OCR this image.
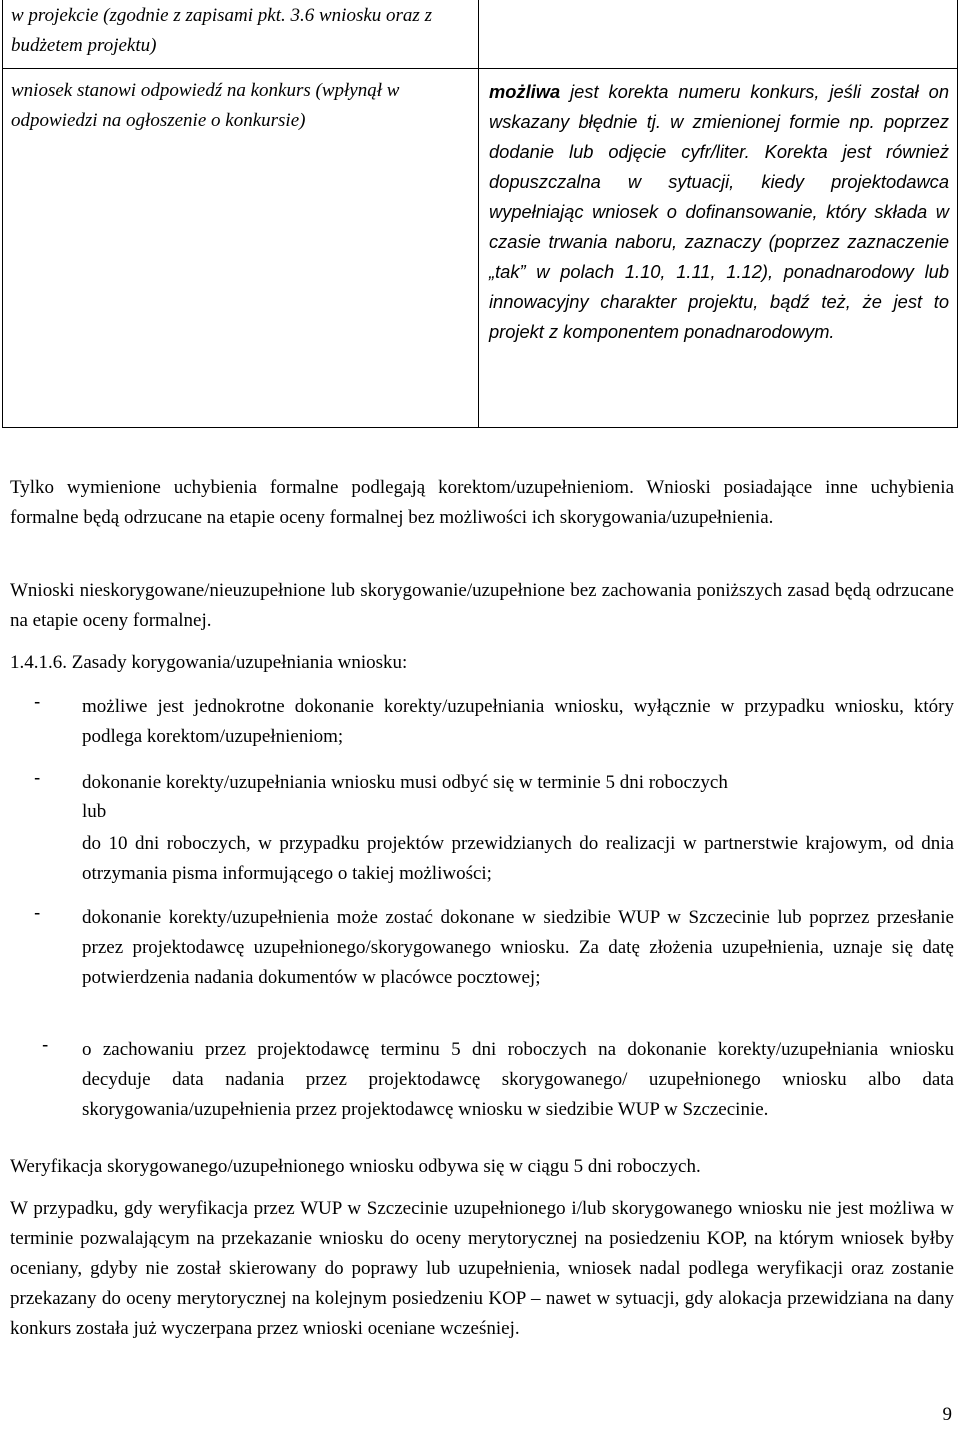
w projekcie (zgodnie z zapisami pkt. 3.6 wniosku oraz z budżetem projektu)
wniosek stanowi odpowiedź na konkurs (wpłynął w odpowiedzi na ogłoszenie o konkursie)
możliwa jest korekta numeru konkurs, jeśli został on wskazany błędnie tj. w zmienionej formie np. poprzez dodanie lub odjęcie cyfr/liter. Korekta jest również dopuszczalna w sytuacji, kiedy projektodawca wypełniając wniosek o dofinansowanie, który składa w czasie trwania naboru, zaznaczy (poprzez zaznaczenie „tak” w polach 1.10, 1.11, 1.12), ponadnarodowy lub innowacyjny charakter projektu, bądź też, że jest to projekt z komponentem ponadnarodowym.
Tylko wymienione uchybienia formalne podlegają korektom/uzupełnieniom. Wnioski posiadające inne uchybienia formalne będą odrzucane na etapie oceny formalnej bez możliwości ich skorygowania/uzupełnienia.
Wnioski nieskorygowane/nieuzupełnione lub skorygowanie/uzupełnione bez zachowania poniższych zasad będą odrzucane na etapie oceny formalnej.
1.4.1.6. Zasady korygowania/uzupełniania wniosku:
- możliwe jest jednokrotne dokonanie korekty/uzupełniania wniosku, wyłącznie w przypadku wniosku, który podlega korektom/uzupełnieniom;
- dokonanie korekty/uzupełniania wniosku musi odbyć się w terminie 5 dni roboczych
lub
do 10 dni roboczych, w przypadku projektów przewidzianych do realizacji w partnerstwie krajowym, od dnia otrzymania pisma informującego o takiej możliwości;
- dokonanie korekty/uzupełnienia może zostać dokonane w siedzibie WUP w Szczecinie lub poprzez przesłanie przez projektodawcę uzupełnionego/skorygowanego wniosku. Za datę złożenia uzupełnienia, uznaje się datę potwierdzenia nadania dokumentów w placówce pocztowej;
- o zachowaniu przez projektodawcę terminu 5 dni roboczych na dokonanie korekty/uzupełniania wniosku decyduje data nadania przez projektodawcę skorygowanego/ uzupełnionego wniosku albo data skorygowania/uzupełnienia przez projektodawcę wniosku w siedzibie WUP w Szczecinie.
Weryfikacja skorygowanego/uzupełnionego wniosku odbywa się w ciągu 5 dni roboczych.
W przypadku, gdy weryfikacja przez WUP w Szczecinie uzupełnionego i/lub skorygowanego wniosku nie jest możliwa w terminie pozwalającym na przekazanie wniosku do oceny merytorycznej na posiedzeniu KOP, na którym wniosek byłby oceniany, gdyby nie został skierowany do poprawy lub uzupełnienia, wniosek nadal podlega weryfikacji oraz zostanie przekazany do oceny merytorycznej na kolejnym posiedzeniu KOP – nawet w sytuacji, gdy alokacja przewidziana na dany konkurs została już wyczerpana przez wnioski oceniane wcześniej.
9
